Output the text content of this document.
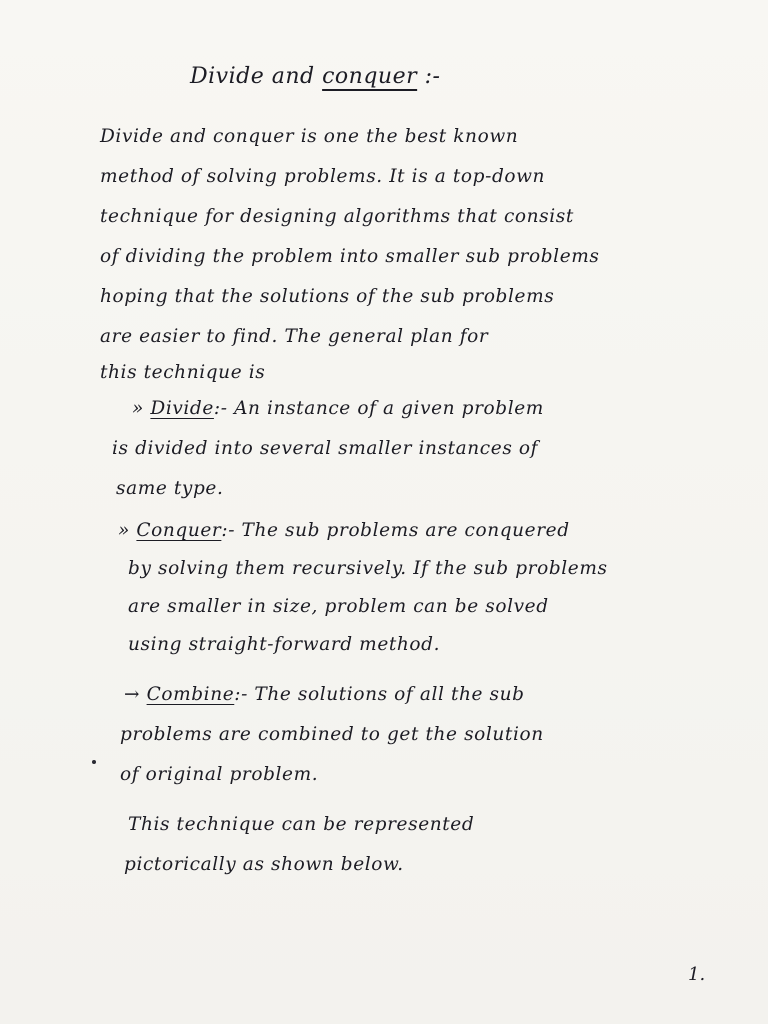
Divide and conquer :-
Divide and conquer is one the best known
method of solving problems. It is a top-down
technique for designing algorithms that consist
of dividing the problem into smaller sub problems
hoping that the solutions of the sub problems
are easier to find. The general plan for
this technique is
» Divide:- An instance of a given problem
is divided into several smaller instances of
same type.
» Conquer:- The sub problems are conquered
by solving them recursively. If the sub problems
are smaller in size, problem can be solved
using straight-forward method.
→ Combine:- The solutions of all the sub
problems are combined to get the solution
of original problem.
This technique can be represented
pictorically as shown below.
1.
